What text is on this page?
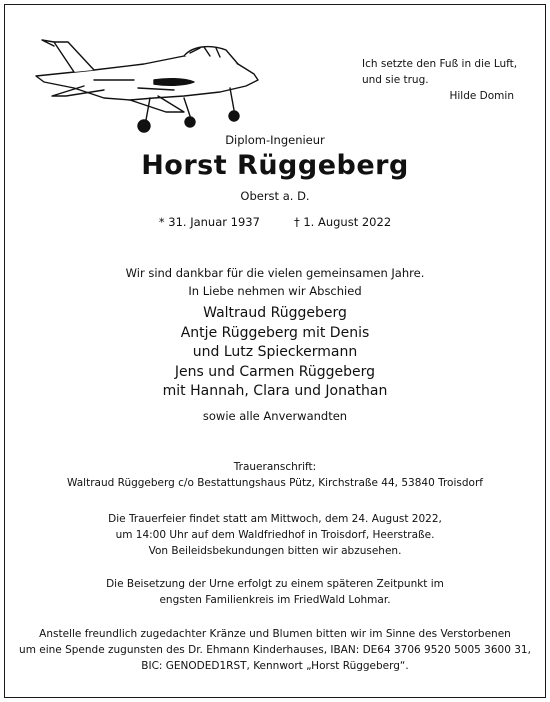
Ich setzte den Fuß in die Luft,
und sie trug.
Hilde Domin
Diplom-Ingenieur
Horst Rüggeberg
Oberst a. D.
* 31. Januar 1937	† 1. August 2022
Wir sind dankbar für die vielen gemeinsamen Jahre.
In Liebe nehmen wir Abschied
Waltraud Rüggeberg
Antje Rüggeberg mit Denis
und Lutz Spieckermann
Jens und Carmen Rüggeberg
mit Hannah, Clara und Jonathan
sowie alle Anverwandten
Traueranschrift:
Waltraud Rüggeberg c/o Bestattungshaus Pütz, Kirchstraße 44, 53840 Troisdorf
Die Trauerfeier findet statt am Mittwoch, dem 24. August 2022,
um 14:00 Uhr auf dem Waldfriedhof in Troisdorf, Heerstraße.
Von Beileidsbekundungen bitten wir abzusehen.
Die Beisetzung der Urne erfolgt zu einem späteren Zeitpunkt im
engsten Familienkreis im FriedWald Lohmar.
Anstelle freundlich zugedachter Kränze und Blumen bitten wir im Sinne des Verstorbenen
um eine Spende zugunsten des Dr. Ehmann Kinderhauses, IBAN: DE64 3706 9520 5005 3600 31,
BIC: GENODED1RST, Kennwort „Horst Rüggeberg“.
